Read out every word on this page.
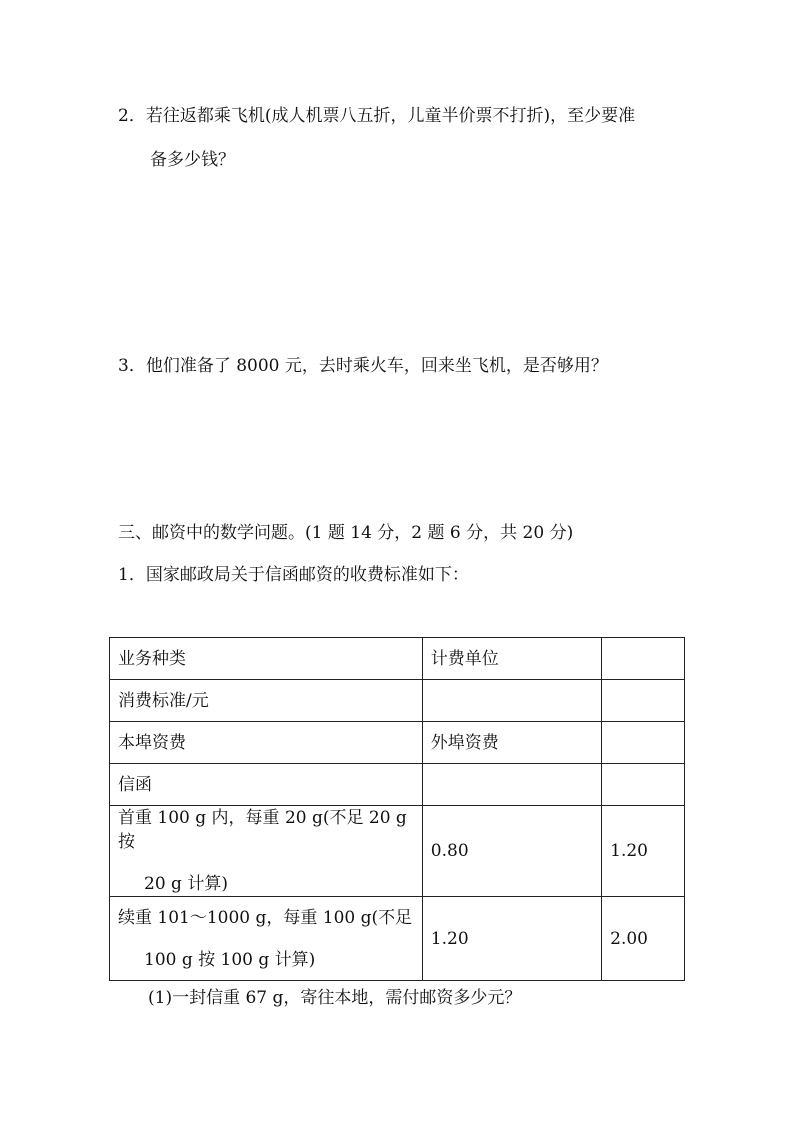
2．若往返都乘飞机(成人机票八五折，儿童半价票不打折)，至少要准
备多少钱？
3．他们准备了 8000 元，去时乘火车，回来坐飞机，是否够用？
三、邮资中的数学问题。(1 题 14 分，2 题 6 分，共 20 分)
1．国家邮政局关于信函邮资的收费标准如下：
业务种类	计费单位	
消费标准/元		
本埠资费	外埠资费	
信函		

首重 100 g 内，每重 20 g(不足 20 g 按
20 g 计算)	0.80	1.20

续重 101～1000 g，每重 100 g(不足
100 g 按 100 g 计算)	1.20	2.00
(1)一封信重 67 g，寄往本地，需付邮资多少元？
